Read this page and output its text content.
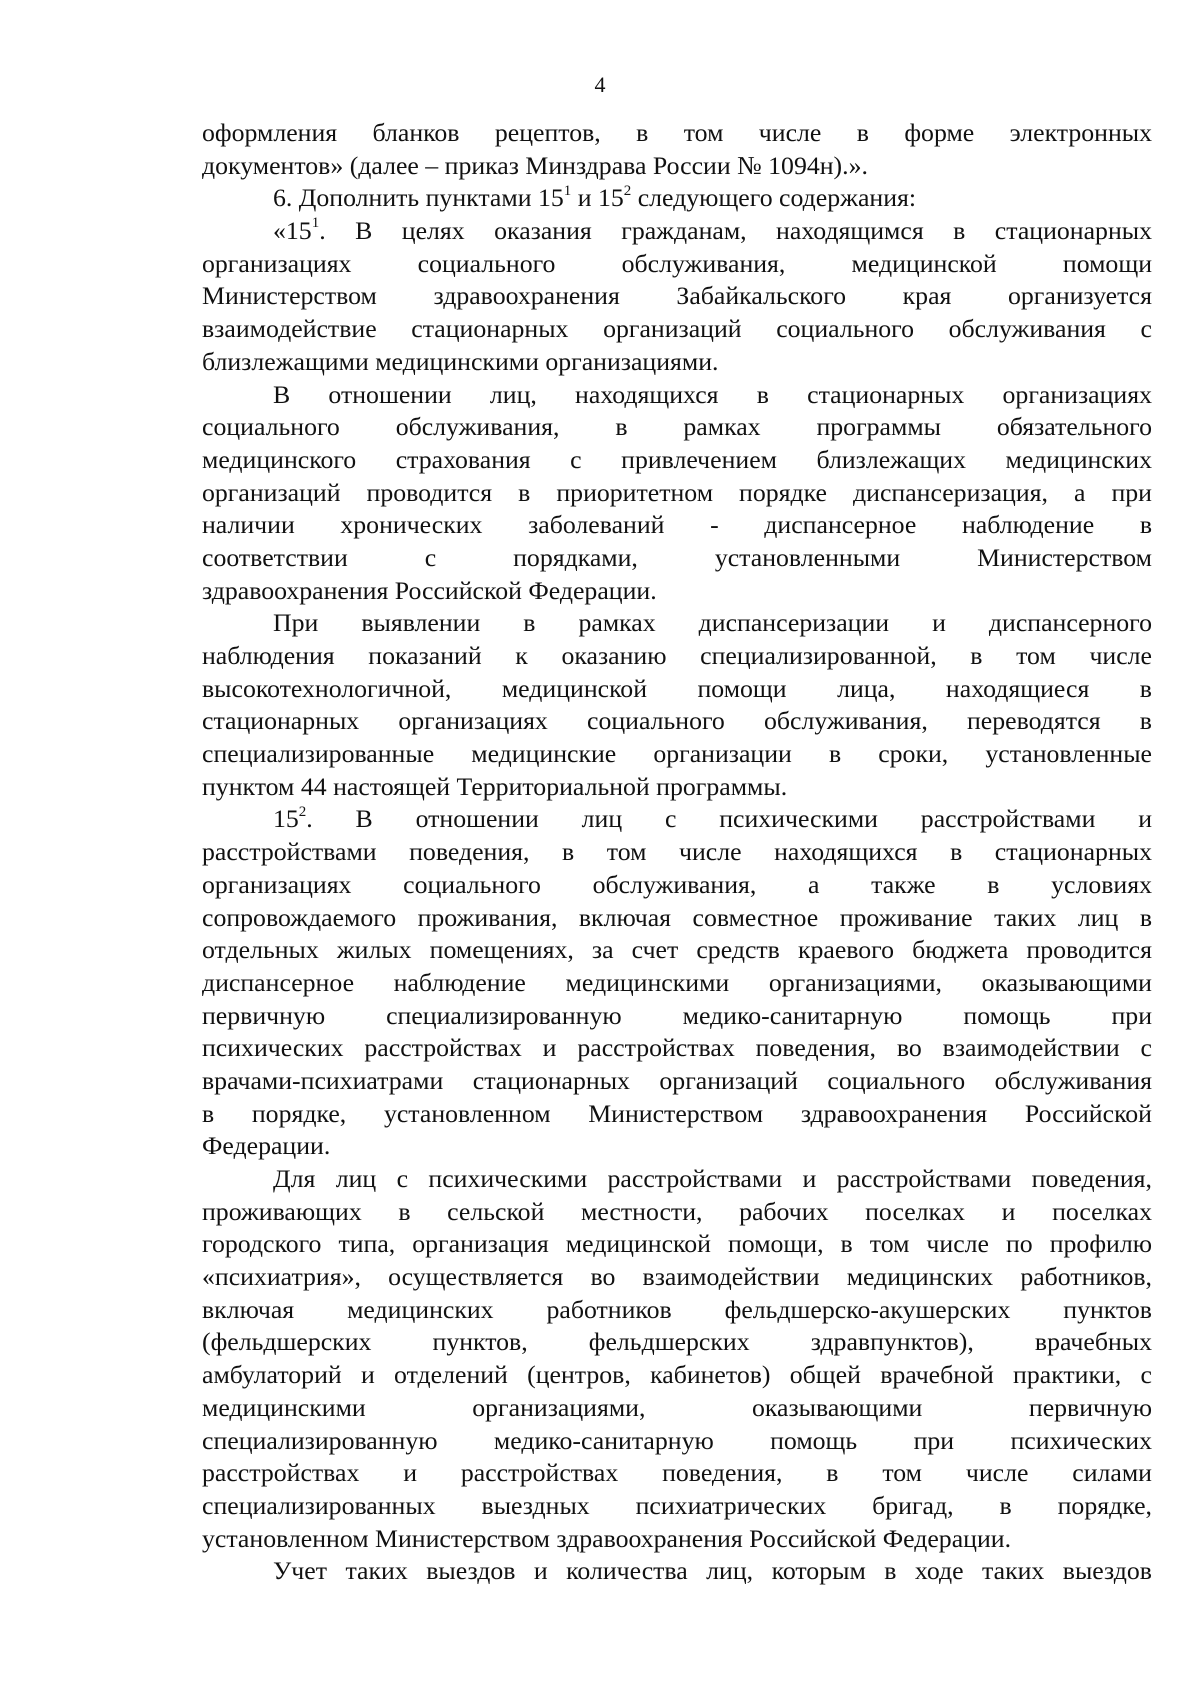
4
оформления бланков рецептов, в том числе в форме электронных
документов» (далее – приказ Минздрава России № 1094н).».
6. Дополнить пунктами $15^1$ и $15^2$ следующего содержания:
«$15^1$. В целях оказания гражданам, находящимся в стационарных
организациях социального обслуживания, медицинской помощи
Министерством здравоохранения Забайкальского края организуется
взаимодействие стационарных организаций социального обслуживания с
близлежащими медицинскими организациями.
В отношении лиц, находящихся в стационарных организациях
социального обслуживания, в рамках программы обязательного
медицинского страхования с привлечением близлежащих медицинских
организаций проводится в приоритетном порядке диспансеризация, а при
наличии хронических заболеваний - диспансерное наблюдение в
соответствии с порядками, установленными Министерством
здравоохранения Российской Федерации.
При выявлении в рамках диспансеризации и диспансерного
наблюдения показаний к оказанию специализированной, в том числе
высокотехнологичной, медицинской помощи лица, находящиеся в
стационарных организациях социального обслуживания, переводятся в
специализированные медицинские организации в сроки, установленные
пунктом 44 настоящей Территориальной программы.
$15^2$. В отношении лиц с психическими расстройствами и
расстройствами поведения, в том числе находящихся в стационарных
организациях социального обслуживания, а также в условиях
сопровождаемого проживания, включая совместное проживание таких лиц в
отдельных жилых помещениях, за счет средств краевого бюджета проводится
диспансерное наблюдение медицинскими организациями, оказывающими
первичную специализированную медико-санитарную помощь при
психических расстройствах и расстройствах поведения, во взаимодействии с
врачами-психиатрами стационарных организаций социального обслуживания
в порядке, установленном Министерством здравоохранения Российской
Федерации.
Для лиц с психическими расстройствами и расстройствами поведения,
проживающих в сельской местности, рабочих поселках и поселках
городского типа, организация медицинской помощи, в том числе по профилю
«психиатрия», осуществляется во взаимодействии медицинских работников,
включая медицинских работников фельдшерско-акушерских пунктов
(фельдшерских пунктов, фельдшерских здравпунктов), врачебных
амбулаторий и отделений (центров, кабинетов) общей врачебной практики, с
медицинскими организациями, оказывающими первичную
специализированную медико-санитарную помощь при психических
расстройствах и расстройствах поведения, в том числе силами
специализированных выездных психиатрических бригад, в порядке,
установленном Министерством здравоохранения Российской Федерации.
Учет таких выездов и количества лиц, которым в ходе таких выездов
